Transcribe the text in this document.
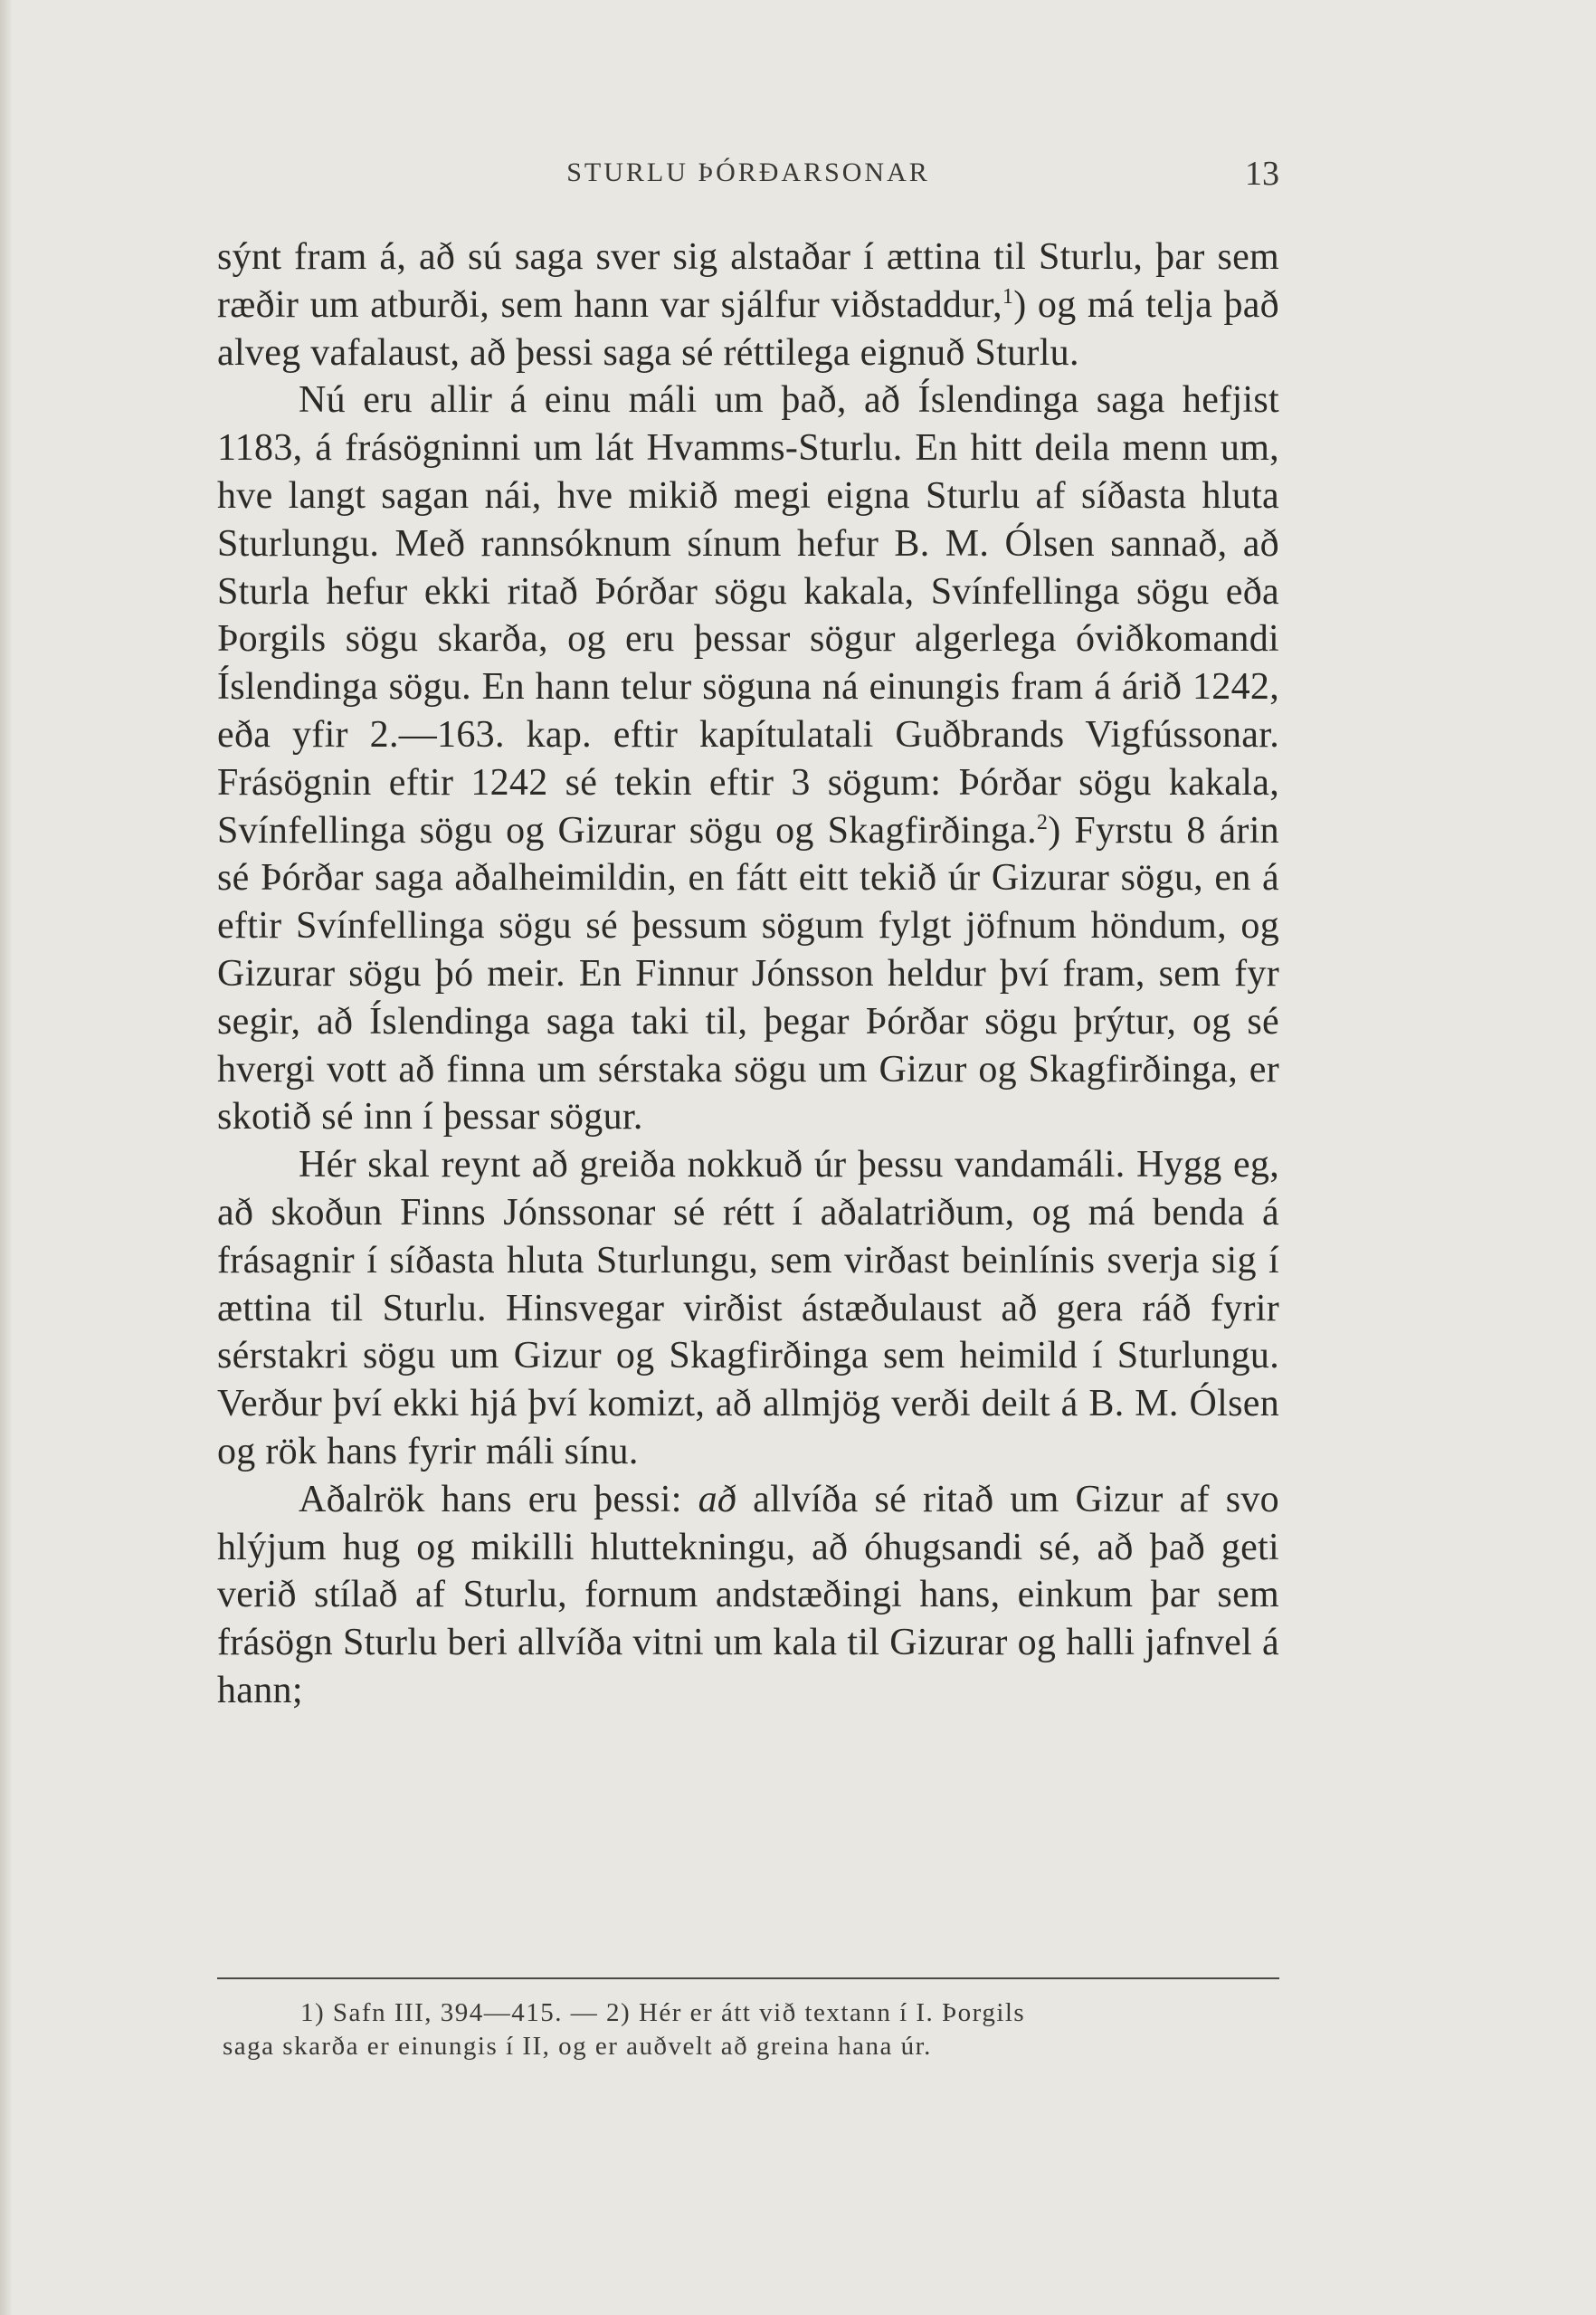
STURLU ÞÓRÐARSONAR	13

sýnt fram á, að sú saga sver sig alstaðar í ættina til Sturlu, þar sem ræðir um atburði, sem hann var sjálfur viðstaddur,$^1$) og má telja það alveg vafalaust, að þessi saga sé réttilega eignuð Sturlu.

Nú eru allir á einu máli um það, að Íslendinga saga hefjist 1183, á frásögninni um lát Hvamms-Sturlu. En hitt deila menn um, hve langt sagan nái, hve mikið megi eigna Sturlu af síðasta hluta Sturlungu. Með rannsóknum sínum hefur B. M. Ólsen sannað, að Sturla hefur ekki ritað Þórðar sögu kakala, Svínfellinga sögu eða Þorgils sögu skarða, og eru þessar sögur algerlega óviðkomandi Íslendinga sögu. En hann telur söguna ná einungis fram á árið 1242, eða yfir 2.—163. kap. eftir kapítulatali Guðbrands Vigfússonar. Frásögnin eftir 1242 sé tekin eftir 3 sögum: Þórðar sögu kakala, Svínfellinga sögu og Gizurar sögu og Skagfirðinga.$^2$) Fyrstu 8 árin sé Þórðar saga aðalheimildin, en fátt eitt tekið úr Gizurar sögu, en á eftir Svínfellinga sögu sé þessum sögum fylgt jöfnum höndum, og Gizurar sögu þó meir. En Finnur Jónsson heldur því fram, sem fyr segir, að Íslendinga saga taki til, þegar Þórðar sögu þrýtur, og sé hvergi vott að finna um sérstaka sögu um Gizur og Skagfirðinga, er skotið sé inn í þessar sögur.

Hér skal reynt að greiða nokkuð úr þessu vandamáli. Hygg eg, að skoðun Finns Jónssonar sé rétt í aðalatriðum, og má benda á frásagnir í síðasta hluta Sturlungu, sem virðast beinlínis sverja sig í ættina til Sturlu. Hinsvegar virðist ástæðulaust að gera ráð fyrir sérstakri sögu um Gizur og Skagfirðinga sem heimild í Sturlungu. Verður því ekki hjá því komizt, að allmjög verði deilt á B. M. Ólsen og rök hans fyrir máli sínu.

Aðalrök hans eru þessi: að allvíða sé ritað um Gizur af svo hlýjum hug og mikilli hluttekningu, að óhugsandi sé, að það geti verið stílað af Sturlu, fornum andstæðingi hans, einkum þar sem frásögn Sturlu beri allvíða vitni um kala til Gizurar og halli jafnvel á hann;

1) Safn III, 394—415. — 2) Hér er átt við textann í I. Þorgils
saga skarða er einungis í II, og er auðvelt að greina hana úr.
